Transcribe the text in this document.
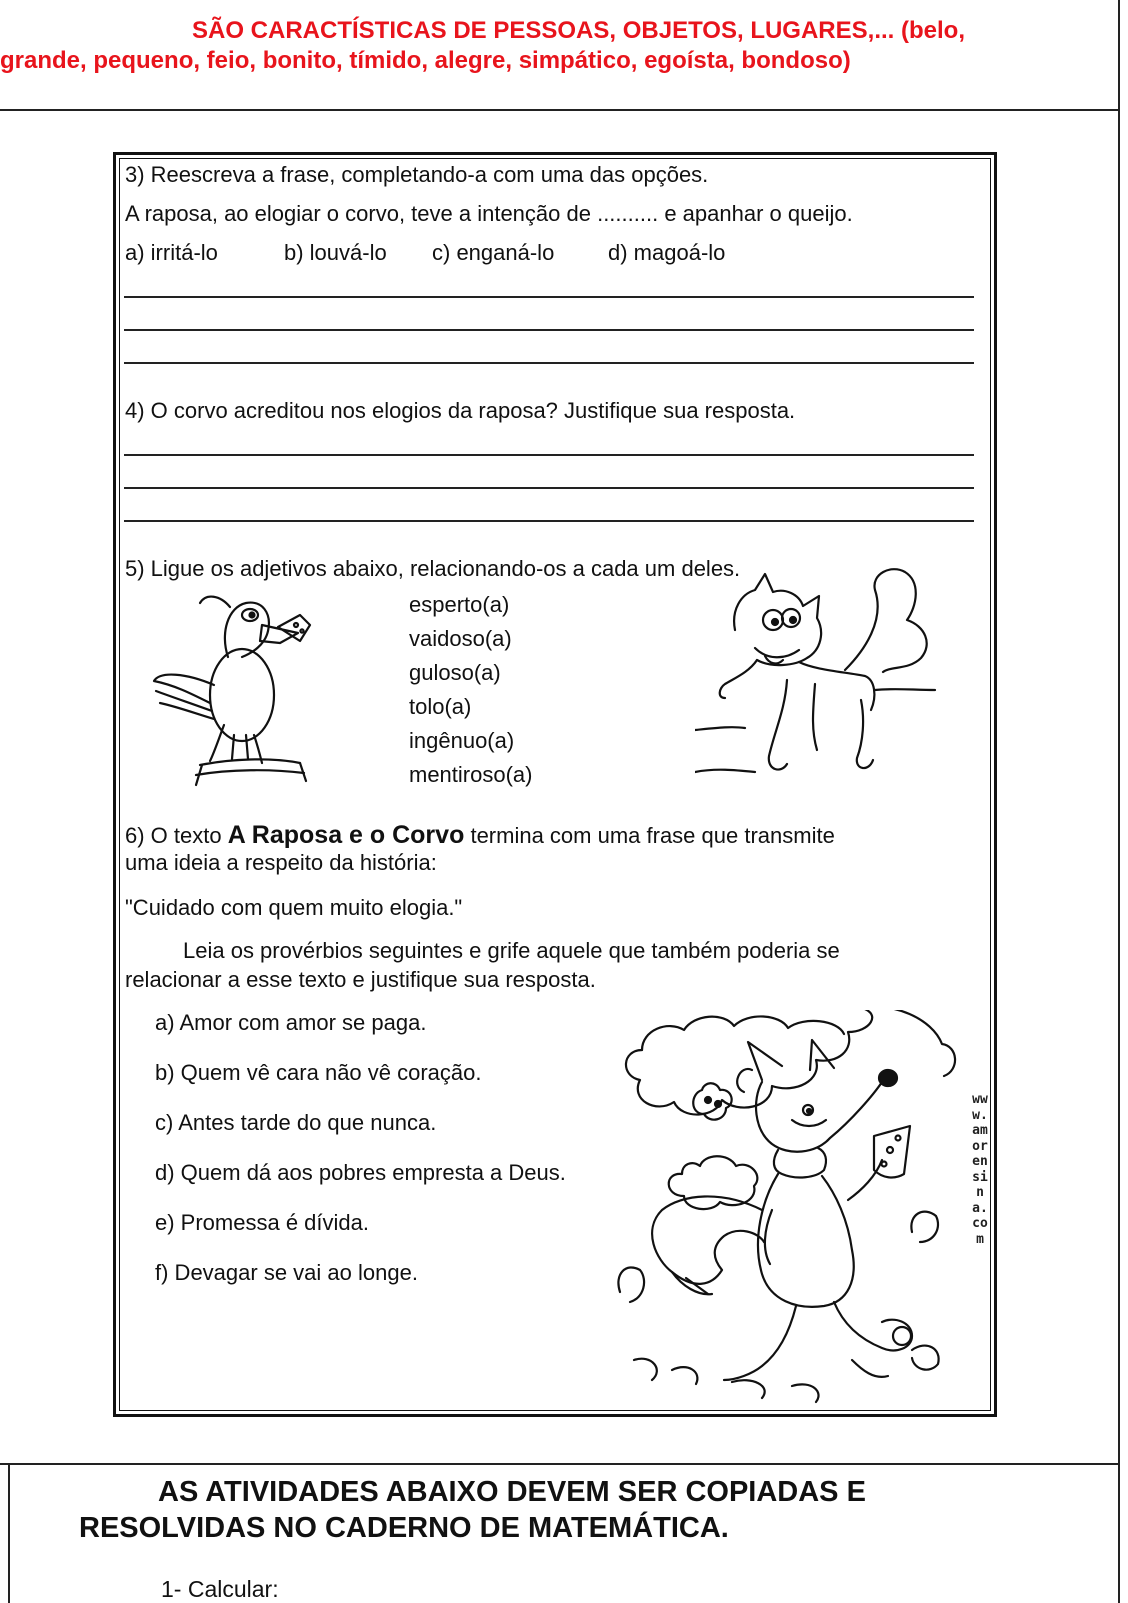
SÃO CARACTÍSTICAS DE PESSOAS, OBJETOS, LUGARES,... (belo,
grande, pequeno, feio, bonito, tímido, alegre, simpático, egoísta, bondoso)
3) Reescreva a frase, completando-a com uma das opções.
A raposa, ao elogiar o corvo, teve a intenção de .......... e apanhar o queijo.
a) irritá-lo	b) louvá-lo c) enganá-lo d) magoá-lo
4) O corvo acreditou nos elogios da raposa? Justifique sua resposta.
5) Ligue os adjetivos abaixo, relacionando-os a cada um deles.
esperto(a)
vaidoso(a)
guloso(a)
tolo(a)
ingênuo(a)
mentiroso(a)
6) O texto A Raposa e o Corvo termina com uma frase que transmite
uma ideia a respeito da história:
"Cuidado com quem muito elogia."
Leia os provérbios seguintes e grife aquele que também poderia se
relacionar a esse texto e justifique sua resposta.
a) Amor com amor se paga.
b) Quem vê cara não vê coração.
c) Antes tarde do que nunca.
d) Quem dá aos pobres empresta a Deus.
e) Promessa é dívida.
f) Devagar se vai ao longe.
www.amorensina.com
AS ATIVIDADES ABAIXO DEVEM SER COPIADAS E
RESOLVIDAS NO CADERNO DE MATEMÁTICA.
1- Calcular:
